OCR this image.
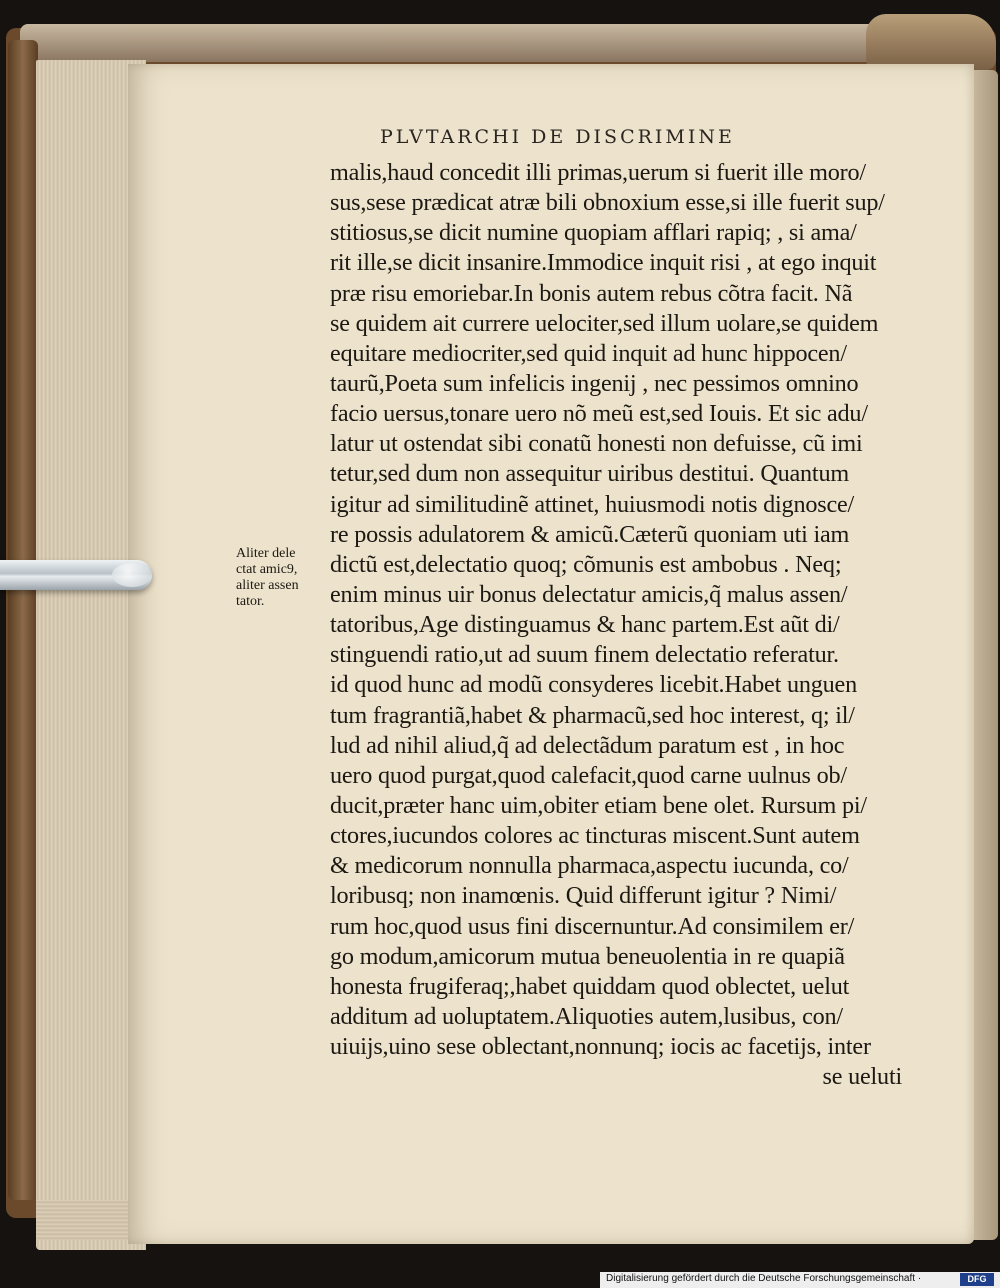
PLVTARCHI DE DISCRIMINE
malis,haud concedit illi primas,uerum si fuerit ille moro/
sus,sese prædicat atræ bili obnoxium esse,si ille fuerit sup/
stitiosus,se dicit numine quopiam afflari rapiq; , si ama/
rit ille,se dicit insanire.Immodice inquit risi , at ego inquit
præ risu emoriebar.In bonis autem rebus cõtra facit. Nã
se quidem ait currere uelociter,sed illum uolare,se quidem
equitare mediocriter,sed quid inquit ad hunc hippocen/
taurũ,Poeta sum infelicis ingenij , nec pessimos omnino
facio uersus,tonare uero nõ meũ est,sed Iouis. Et sic adu/
latur ut ostendat sibi conatũ honesti non defuisse, cũ imi
tetur,sed dum non assequitur uiribus destitui. Quantum
igitur ad similitudinẽ attinet, huiusmodi notis dignosce/
re possis adulatorem & amicũ.Cæterũ quoniam uti iam
dictũ est,delectatio quoq; cõmunis est ambobus . Neq;
enim minus uir bonus delectatur amicis,q̃ malus assen/
tatoribus,Age distinguamus & hanc partem.Est aũt di/
stinguendi ratio,ut ad suum finem delectatio referatur.
id quod hunc ad modũ consyderes licebit.Habet unguen
tum fragrantiã,habet & pharmacũ,sed hoc interest, q; il/
lud ad nihil aliud,q̃ ad delectãdum paratum est , in hoc
uero quod purgat,quod calefacit,quod carne uulnus ob/
ducit,præter hanc uim,obiter etiam bene olet. Rursum pi/
ctores,iucundos colores ac tincturas miscent.Sunt autem
& medicorum nonnulla pharmaca,aspectu iucunda, co/
loribusq; non inamœnis. Quid differunt igitur ? Nimi/
rum hoc,quod usus fini discernuntur.Ad consimilem er/
go modum,amicorum mutua beneuolentia in re quapiã
honesta frugiferaq;,habet quiddam quod oblectet, uelut
additum ad uoluptatem.Aliquoties autem,lusibus, con/
uiuijs,uino sese oblectant,nonnunq; iocis ac facetijs, inter
se ueluti
Aliter dele
ctat amic9,
aliter assen
tator.
Digitalisierung gefördert durch die Deutsche Forschungsgemeinschaft ·	DFG
